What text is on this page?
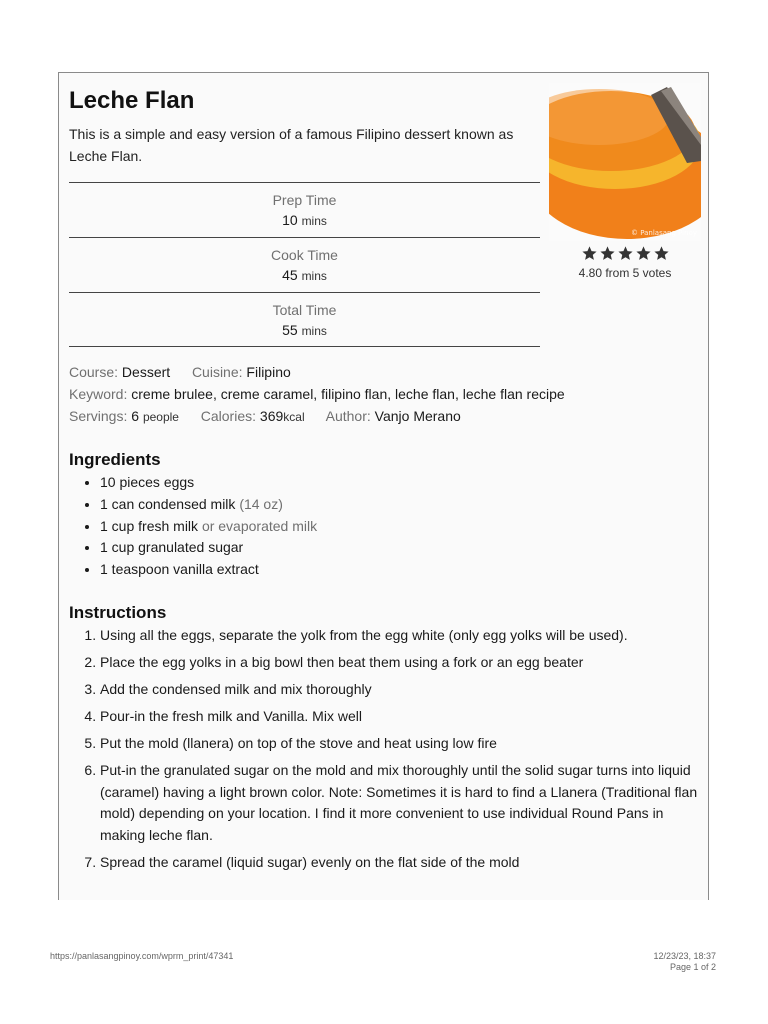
Leche Flan
This is a simple and easy version of a famous Filipino dessert known as Leche Flan.
Prep Time
10 mins
Cook Time
45 mins
Total Time
55 mins
© Panlasang Pinoy
4.80 from 5 votes
Course: Dessert Cuisine: Filipino
Keyword: creme brulee, creme caramel, filipino flan, leche flan, leche flan recipe
Servings: 6 people Calories: 369kcal Author: Vanjo Merano
Ingredients
• 10 pieces eggs
• 1 can condensed milk (14 oz)
• 1 cup fresh milk or evaporated milk
• 1 cup granulated sugar
• 1 teaspoon vanilla extract
Instructions
1. Using all the eggs, separate the yolk from the egg white (only egg yolks will be used).
2. Place the egg yolks in a big bowl then beat them using a fork or an egg beater
3. Add the condensed milk and mix thoroughly
4. Pour-in the fresh milk and Vanilla. Mix well
5. Put the mold (llanera) on top of the stove and heat using low fire
6. Put-in the granulated sugar on the mold and mix thoroughly until the solid sugar turns into liquid (caramel) having a light brown color. Note: Sometimes it is hard to find a Llanera (Traditional flan mold) depending on your location. I find it more convenient to use individual Round Pans in making leche flan.
7. Spread the caramel (liquid sugar) evenly on the flat side of the mold
https://panlasangpinoy.com/wprm_print/47341	12/23/23, 18:37
Page 1 of 2
